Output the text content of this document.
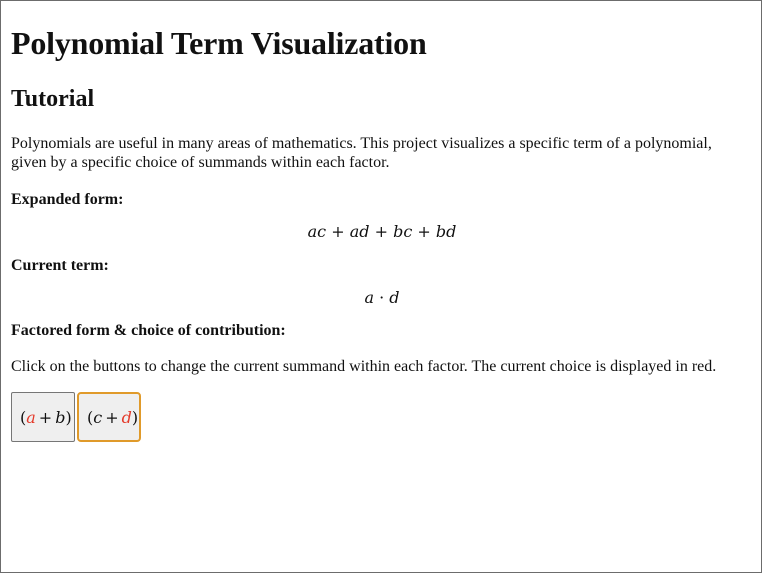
Polynomial Term Visualization
Tutorial

Polynomials are useful in many areas of mathematics. This project visualizes a specific term of a polynomial, given by a specific choice of summands within each factor.

Expanded form:

ac + ad + bc + bd

Current term:

a · d

Factored form & choice of contribution:

Click on the buttons to change the current summand within each factor. The current choice is displayed in red.

( a + b ) ( c + d )
